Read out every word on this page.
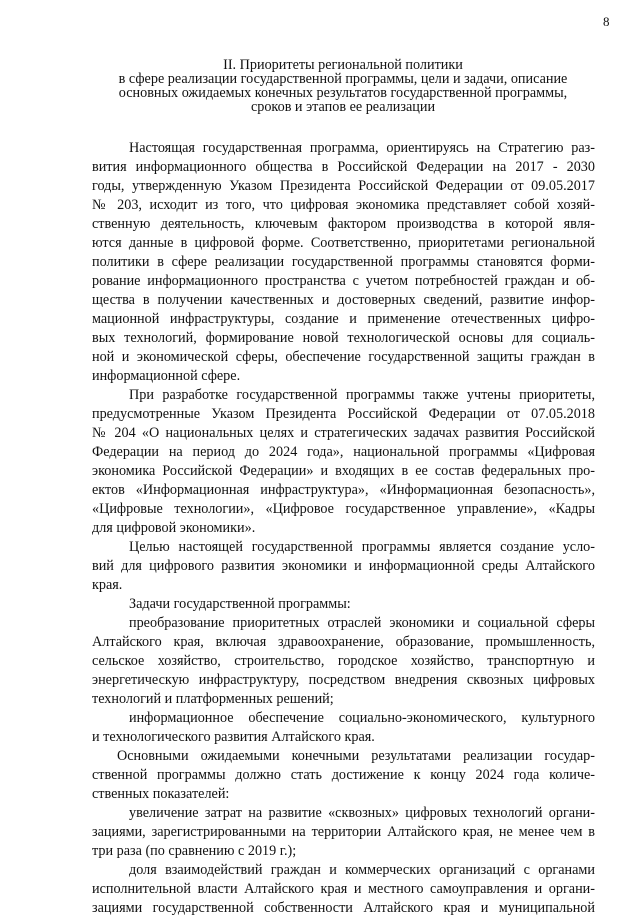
8
II. Приоритеты региональной политики
в сфере реализации государственной программы, цели и задачи, описание
основных ожидаемых конечных результатов государственной программы,
сроков и этапов ее реализации
Настоящая государственная программа, ориентируясь на Стратегию раз-
вития информационного общества в Российской Федерации на 2017 - 2030
годы, утвержденную Указом Президента Российской Федерации от 09.05.2017
№ 203, исходит из того, что цифровая экономика представляет собой хозяй-
ственную деятельность, ключевым фактором производства в которой явля-
ются данные в цифровой форме. Соответственно, приоритетами региональной
политики в сфере реализации государственной программы становятся форми-
рование информационного пространства с учетом потребностей граждан и об-
щества в получении качественных и достоверных сведений, развитие инфор-
мационной инфраструктуры, создание и применение отечественных цифро-
вых технологий, формирование новой технологической основы для социаль-
ной и экономической сферы, обеспечение государственной защиты граждан в
информационной сфере.
При разработке государственной программы также учтены приоритеты,
предусмотренные Указом Президента Российской Федерации от 07.05.2018
№ 204 «О национальных целях и стратегических задачах развития Российской
Федерации на период до 2024 года», национальной программы «Цифровая
экономика Российской Федерации» и входящих в ее состав федеральных про-
ектов «Информационная инфраструктура», «Информационная безопасность»,
«Цифровые технологии», «Цифровое государственное управление», «Кадры
для цифровой экономики».
Целью настоящей государственной программы является создание усло-
вий для цифрового развития экономики и информационной среды Алтайского
края.
Задачи государственной программы:
преобразование приоритетных отраслей экономики и социальной сферы
Алтайского края, включая здравоохранение, образование, промышленность,
сельское хозяйство, строительство, городское хозяйство, транспортную и
энергетическую инфраструктуру, посредством внедрения сквозных цифровых
технологий и платформенных решений;
информационное обеспечение социально-экономического, культурного
и технологического развития Алтайского края.
Основными ожидаемыми конечными результатами реализации государ-
ственной программы должно стать достижение к концу 2024 года количе-
ственных показателей:
увеличение затрат на развитие «сквозных» цифровых технологий органи-
зациями, зарегистрированными на территории Алтайского края, не менее чем в
три раза (по сравнению с 2019 г.);
доля взаимодействий граждан и коммерческих организаций с органами
исполнительной власти Алтайского края и местного самоуправления и органи-
зациями государственной собственности Алтайского края и муниципальной
